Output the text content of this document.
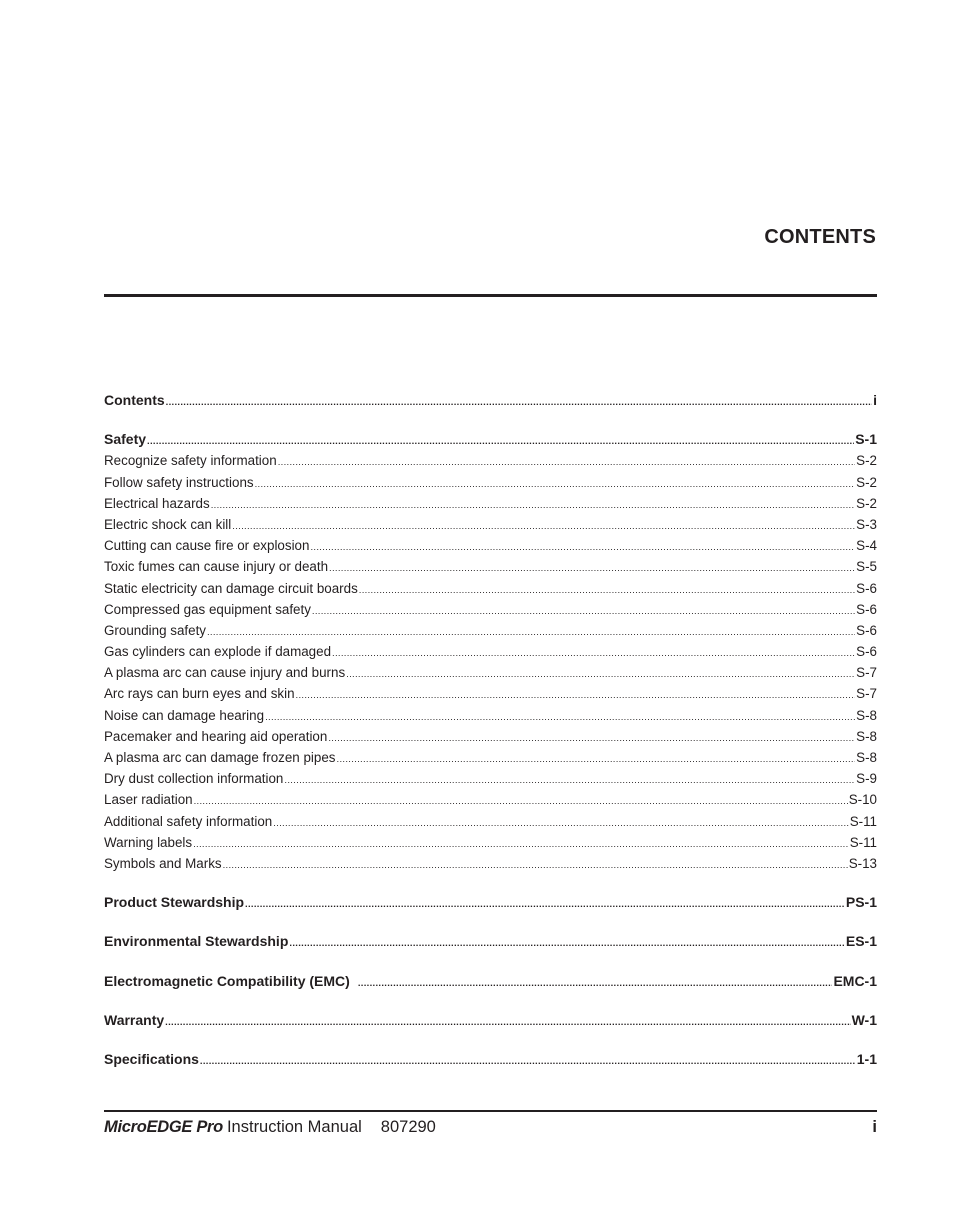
CONTENTS
Contents .....	i
Safety .....	S-1
Recognize safety information .....	S-2
Follow safety instructions .....	S-2
Electrical hazards .....	S-2
Electric shock can kill .....	S-3
Cutting can cause fire or explosion .....	S-4
Toxic fumes can cause injury or death .....	S-5
Static electricity can damage circuit boards .....	S-6
Compressed gas equipment safety .....	S-6
Grounding safety .....	S-6
Gas cylinders can explode if damaged .....	S-6
A plasma arc can cause injury and burns .....	S-7
Arc rays can burn eyes and skin .....	S-7
Noise can damage hearing .....	S-8
Pacemaker and hearing aid operation .....	S-8
A plasma arc can damage frozen pipes .....	S-8
Dry dust collection information .....	S-9
Laser radiation .....	S-10
Additional safety information .....	S-11
Warning labels .....	S-11
Symbols and Marks .....	S-13
Product Stewardship .....	PS-1
Environmental Stewardship .....	ES-1
Electromagnetic Compatibility (EMC) .....	EMC-1
Warranty .....	W-1
Specifications .....	1-1
MicroEDGE Pro Instruction Manual 807290	i
